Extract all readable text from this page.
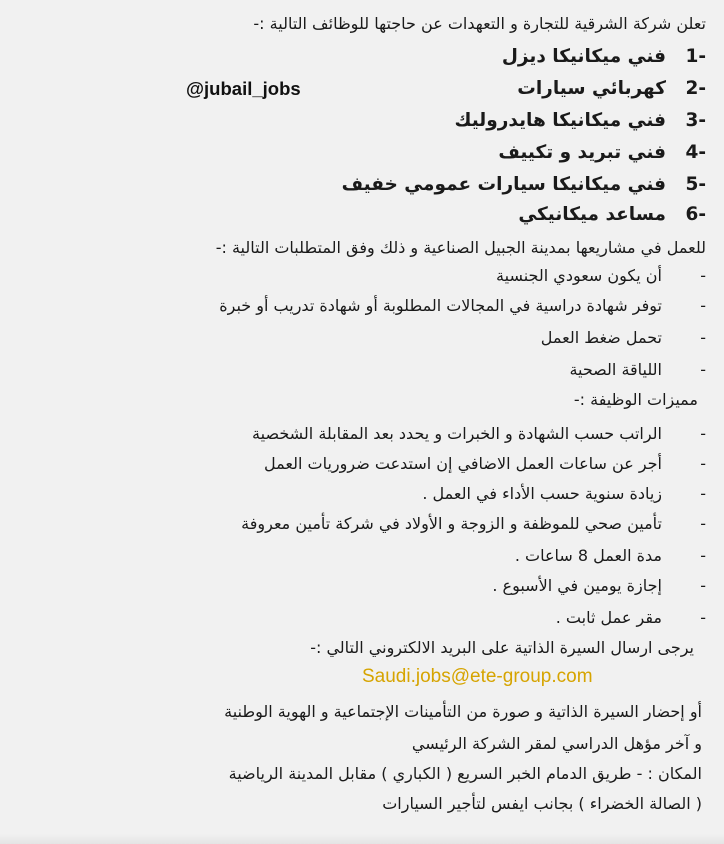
تعلن شركة الشرقية للتجارة و التعهدات عن حاجتها للوظائف التالية :-
-1فني ميكانيكا ديزل
-2كهربائي سيارات
-3فني ميكانيكا هايدروليك
-4فني تبريد و تكييف
-5فني ميكانيكا سيارات عمومي خفيف
-6مساعد ميكانيكي
@jubail_jobs
للعمل في مشاريعها بمدينة الجبيل الصناعية و ذلك وفق المتطلبات التالية :-
-أن يكون سعودي الجنسية
-توفر شهادة دراسية في المجالات المطلوبة أو شهادة تدريب أو خبرة
-تحمل ضغط العمل
-اللياقة الصحية
مميزات الوظيفة :-
-الراتب حسب الشهادة و الخبرات و يحدد بعد المقابلة الشخصية
-أجر عن ساعات العمل الاضافي إن استدعت ضروريات العمل
-زيادة سنوية حسب الأداء في العمل .
-تأمين صحي للموظفة و الزوجة و الأولاد في شركة تأمين معروفة
-مدة العمل 8 ساعات .
-إجازة يومين في الأسبوع .
-مقر عمل ثابت .
يرجى ارسال السيرة الذاتية على البريد الالكتروني التالي :-
Saudi.jobs@ete-group.com
أو إحضار السيرة الذاتية و صورة من التأمينات الإجتماعية و الهوية الوطنية
و آخر مؤهل الدراسي لمقر الشركة الرئيسي
المكان : - طريق الدمام الخبر السريع ( الكباري ) مقابل المدينة الرياضية
( الصالة الخضراء ) بجانب ايفس لتأجير السيارات
